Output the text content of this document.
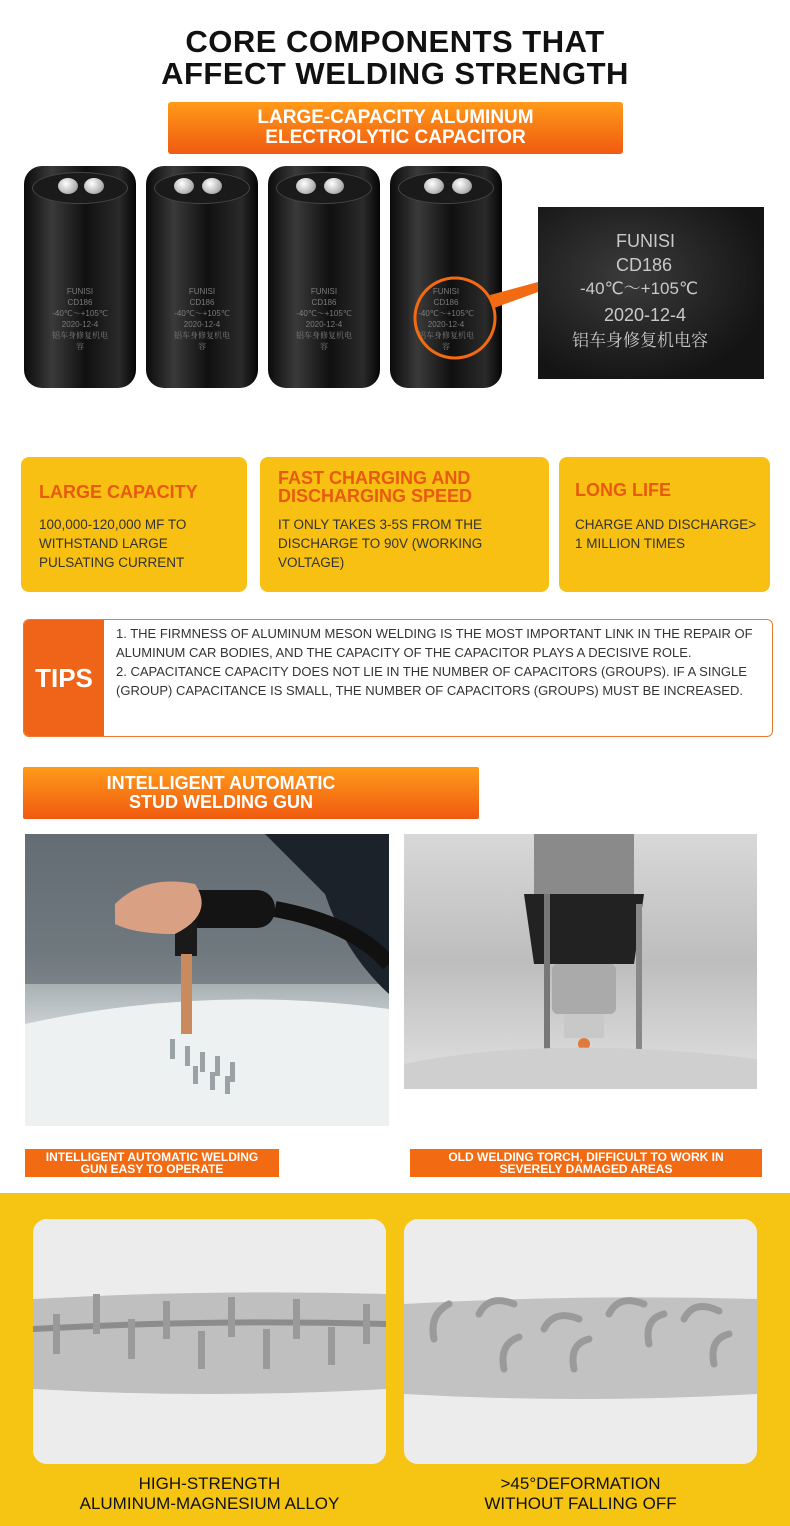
CORE COMPONENTS THAT
AFFECT WELDING STRENGTH
LARGE-CAPACITY ALUMINUM
ELECTROLYTIC CAPACITOR
FUNISI
CD186
-40℃～+105℃
2020-12-4
铝车身修复机电容
FUNISI
CD186
-40℃～+105℃
2020-12-4
铝车身修复机电容
FUNISI
CD186
-40℃～+105℃
2020-12-4
铝车身修复机电容
FUNISI
CD186
-40℃～+105℃
2020-12-4
铝车身修复机电容
FUNISI
CD186
-40℃～+105℃
2020-12-4
铝车身修复机电容
LARGE CAPACITY
100,000-120,000 ΜF TO WITHSTAND LARGE PULSATING CURRENT
FAST CHARGING AND
DISCHARGING SPEED
IT ONLY TAKES 3-5S FROM THE DISCHARGE TO 90V (WORKING VOLTAGE)
LONG LIFE
CHARGE AND DISCHARGE> 1 MILLION TIMES
TIPS
1. THE FIRMNESS OF ALUMINUM MESON WELDING IS THE MOST IMPORTANT LINK IN THE REPAIR OF ALUMINUM CAR BODIES, AND THE CAPACITY OF THE CAPACITOR PLAYS A DECISIVE ROLE.
2. CAPACITANCE CAPACITY DOES NOT LIE IN THE NUMBER OF CAPACITORS (GROUPS). IF A SINGLE (GROUP) CAPACITANCE IS SMALL, THE NUMBER OF CAPACITORS (GROUPS) MUST BE INCREASED.
INTELLIGENT AUTOMATIC
STUD WELDING GUN
INTELLIGENT AUTOMATIC WELDING
GUN EASY TO OPERATE
OLD WELDING TORCH, DIFFICULT TO WORK IN
SEVERELY DAMAGED AREAS
HIGH-STRENGTH
ALUMINUM-MAGNESIUM ALLOY
>45°DEFORMATION
WITHOUT FALLING OFF
